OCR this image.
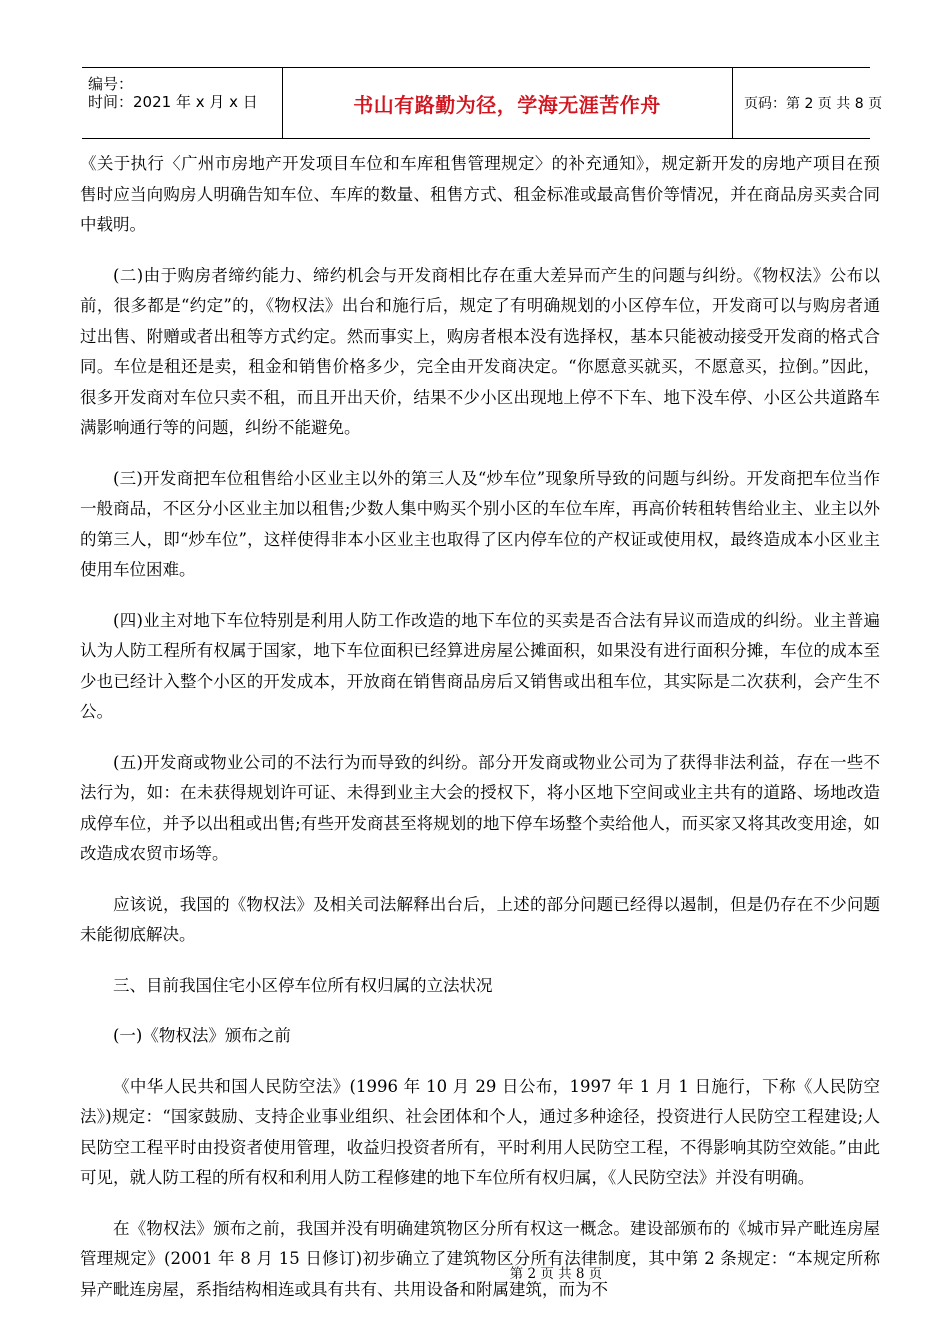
编号：
时间：2021 年 x 月 x 日	书山有路勤为径，学海无涯苦作舟	页码：第 2 页 共 8 页

《关于执行〈广州市房地产开发项目车位和车库租售管理规定〉的补充通知》，规定新开发的房地产项目在预售时应当向购房人明确告知车位、车库的数量、租售方式、租金标准或最高售价等情况，并在商品房买卖合同中载明。

(二)由于购房者缔约能力、缔约机会与开发商相比存在重大差异而产生的问题与纠纷。《物权法》公布以前，很多都是“约定”的，《物权法》出台和施行后，规定了有明确规划的小区停车位，开发商可以与购房者通过出售、附赠或者出租等方式约定。然而事实上，购房者根本没有选择权，基本只能被动接受开发商的格式合同。车位是租还是卖，租金和销售价格多少，完全由开发商决定。“你愿意买就买，不愿意买，拉倒。”因此，很多开发商对车位只卖不租，而且开出天价，结果不少小区出现地上停不下车、地下没车停、小区公共道路车满影响通行等的问题，纠纷不能避免。

(三)开发商把车位租售给小区业主以外的第三人及“炒车位”现象所导致的问题与纠纷。开发商把车位当作一般商品，不区分小区业主加以租售;少数人集中购买个别小区的车位车库，再高价转租转售给业主、业主以外的第三人，即“炒车位”，这样使得非本小区业主也取得了区内停车位的产权证或使用权，最终造成本小区业主使用车位困难。

(四)业主对地下车位特别是利用人防工作改造的地下车位的买卖是否合法有异议而造成的纠纷。业主普遍认为人防工程所有权属于国家，地下车位面积已经算进房屋公摊面积，如果没有进行面积分摊，车位的成本至少也已经计入整个小区的开发成本，开放商在销售商品房后又销售或出租车位，其实际是二次获利，会产生不公。

(五)开发商或物业公司的不法行为而导致的纠纷。部分开发商或物业公司为了获得非法利益，存在一些不法行为，如：在未获得规划许可证、未得到业主大会的授权下，将小区地下空间或业主共有的道路、场地改造成停车位，并予以出租或出售;有些开发商甚至将规划的地下停车场整个卖给他人，而买家又将其改变用途，如改造成农贸市场等。

应该说，我国的《物权法》及相关司法解释出台后，上述的部分问题已经得以遏制，但是仍存在不少问题未能彻底解决。

三、目前我国住宅小区停车位所有权归属的立法状况

(一)《物权法》颁布之前

《中华人民共和国人民防空法》(1996 年 10 月 29 日公布，1997 年 1 月 1 日施行，下称《人民防空法》)规定：“国家鼓励、支持企业事业组织、社会团体和个人，通过多种途径，投资进行人民防空工程建设;人民防空工程平时由投资者使用管理，收益归投资者所有，平时利用人民防空工程，不得影响其防空效能。”由此可见，就人防工程的所有权和利用人防工程修建的地下车位所有权归属，《人民防空法》并没有明确。

在《物权法》颁布之前，我国并没有明确建筑物区分所有权这一概念。建设部颁布的《城市异产毗连房屋管理规定》(2001 年 8 月 15 日修订)初步确立了建筑物区分所有法律制度，其中第 2 条规定：“本规定所称异产毗连房屋，系指结构相连或具有共有、共用设备和附属建筑，而为不

第 2 页 共 8 页
